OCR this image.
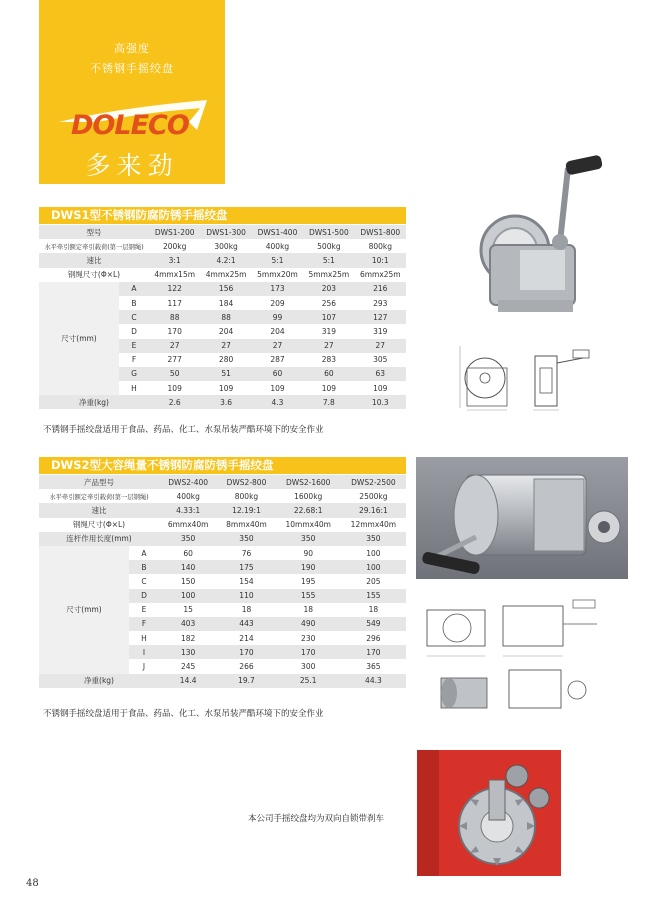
高强度
不锈钢手摇绞盘
DOLECO
多来劲
DWS1型不锈钢防腐防锈手摇绞盘
型号		DWS1-200	DWS1-300	DWS1-400	DWS1-500	DWS1-800
水平牵引额定牵引载荷(第一层钢绳)		200kg	300kg	400kg	500kg	800kg
速比		3:1	4.2:1	5:1	5:1	10:1
钢绳尺寸(Φ×L)		4mmx15m	4mmx25m	5mmx20m	5mmx25m	6mmx25m
尺寸(mm)	A	122	156	173	203	216
	B	117	184	209	256	293
	C	88	88	99	107	127
	D	170	204	204	319	319
	E	27	27	27	27	27
	F	277	280	287	283	305
	G	50	51	60	60	63
	H	109	109	109	109	109
净重(kg)		2.6	3.6	4.3	7.8	10.3
不锈钢手摇绞盘适用于食品、药品、化工、水泵吊装严酷环境下的安全作业
DWS2型大容绳量不锈钢防腐防锈手摇绞盘
产品型号		DWS2-400	DWS2-800	DWS2-1600	DWS2-2500
水平牵引额定牵引载荷(第一层钢绳)		400kg	800kg	1600kg	2500kg
速比		4.33:1	12.19:1	22.68:1	29.16:1
钢绳尺寸(Φ×L)		6mmx40m	8mmx40m	10mmx40m	12mmx40m
连杆作用长度(mm)		350	350	350	350
尺寸(mm)	A	60	76	90	100
	B	140	175	190	100
	C	150	154	195	205
	D	100	110	155	155
	E	15	18	18	18
	F	403	443	490	549
	H	182	214	230	296
	I	130	170	170	170
	J	245	266	300	365
净重(kg)		14.4	19.7	25.1	44.3
不锈钢手摇绞盘适用于食品、药品、化工、水泵吊装严酷环境下的安全作业
本公司手摇绞盘均为双向自锁带刹车
48
